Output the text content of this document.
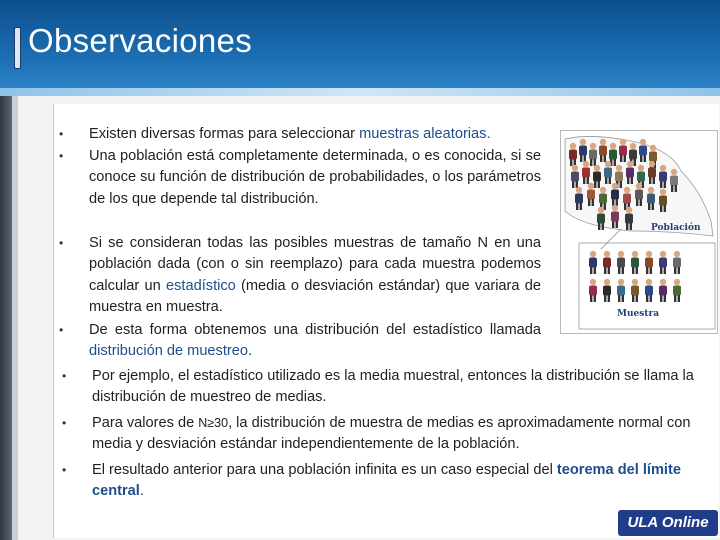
Observaciones
• Existen diversas formas para seleccionar muestras aleatorias.
• Una población está completamente determinada, o es conocida, si se conoce su función de distribución de probabilidades, o los parámetros de los que depende tal distribución.
• Si se consideran todas las posibles muestras de tamaño N en una población dada (con o sin reemplazo) para cada muestra podemos calcular un estadístico (media o desviación estándar) que variara de muestra en muestra.
• De esta forma obtenemos una distribución del estadístico llamada distribución de muestreo.
• Por ejemplo, el estadístico utilizado es la media muestral, entonces la distribución se llama la distribución de muestreo de medias.
• Para valores de N≥30, la distribución de muestra de medias es aproximadamente normal con media y desviación estándar independientemente de la población.
• El resultado anterior para una población infinita es un caso especial del teorema del límite central.
Población
Muestra
ULA Online
